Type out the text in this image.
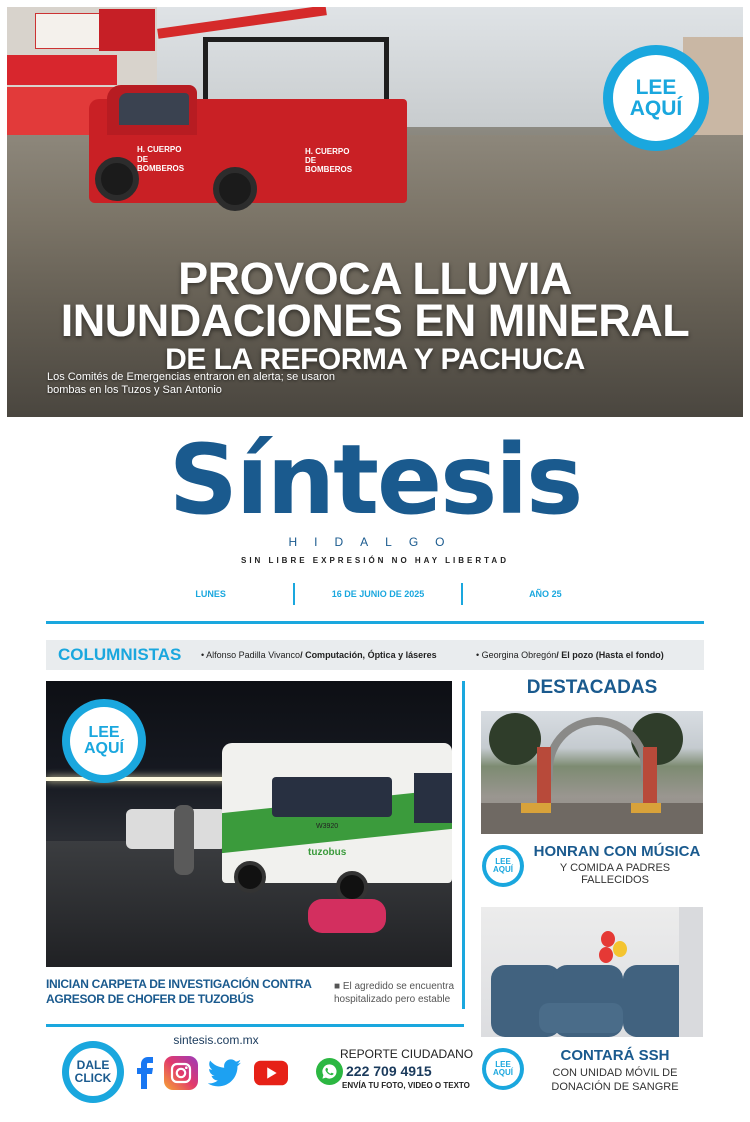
H. CUERPO DE BOMBEROS
H. CUERPO DE BOMBEROS
LEE
AQUÍ
PROVOCA LLUVIA
INUNDACIONES EN MINERAL
DE LA REFORMA Y PACHUCA
Los Comités de Emergencias entraron en alerta; se usaron bombas en los Tuzos y San Antonio
Síntesis
HIDALGO
SIN LIBRE EXPRESIÓN NO HAY LIBERTAD
LUNES	16 DE JUNIO DE 2025	AÑO 25
COLUMNISTAS	• Alfonso Padilla Vivanco/ Computación, Óptica y láseres	• Georgina Obregón/ El pozo (Hasta el fondo)
W3920
tuzobus
LEE
AQUÍ
INICIAN CARPETA DE INVESTIGACIÓN CONTRA AGRESOR DE CHOFER DE TUZOBÚS
■ El agredido se encuentra hospitalizado pero estable
DESTACADAS
LEE
AQUÍ
HONRAN CON MÚSICA
Y COMIDA A PADRES FALLECIDOS
LEE
AQUÍ
CONTARÁ SSH
CON UNIDAD MÓVIL DE DONACIÓN DE SANGRE
sintesis.com.mx
DALE
CLICK
REPORTE CIUDADANO
222 709 4915
ENVÍA TU FOTO, VIDEO O TEXTO
